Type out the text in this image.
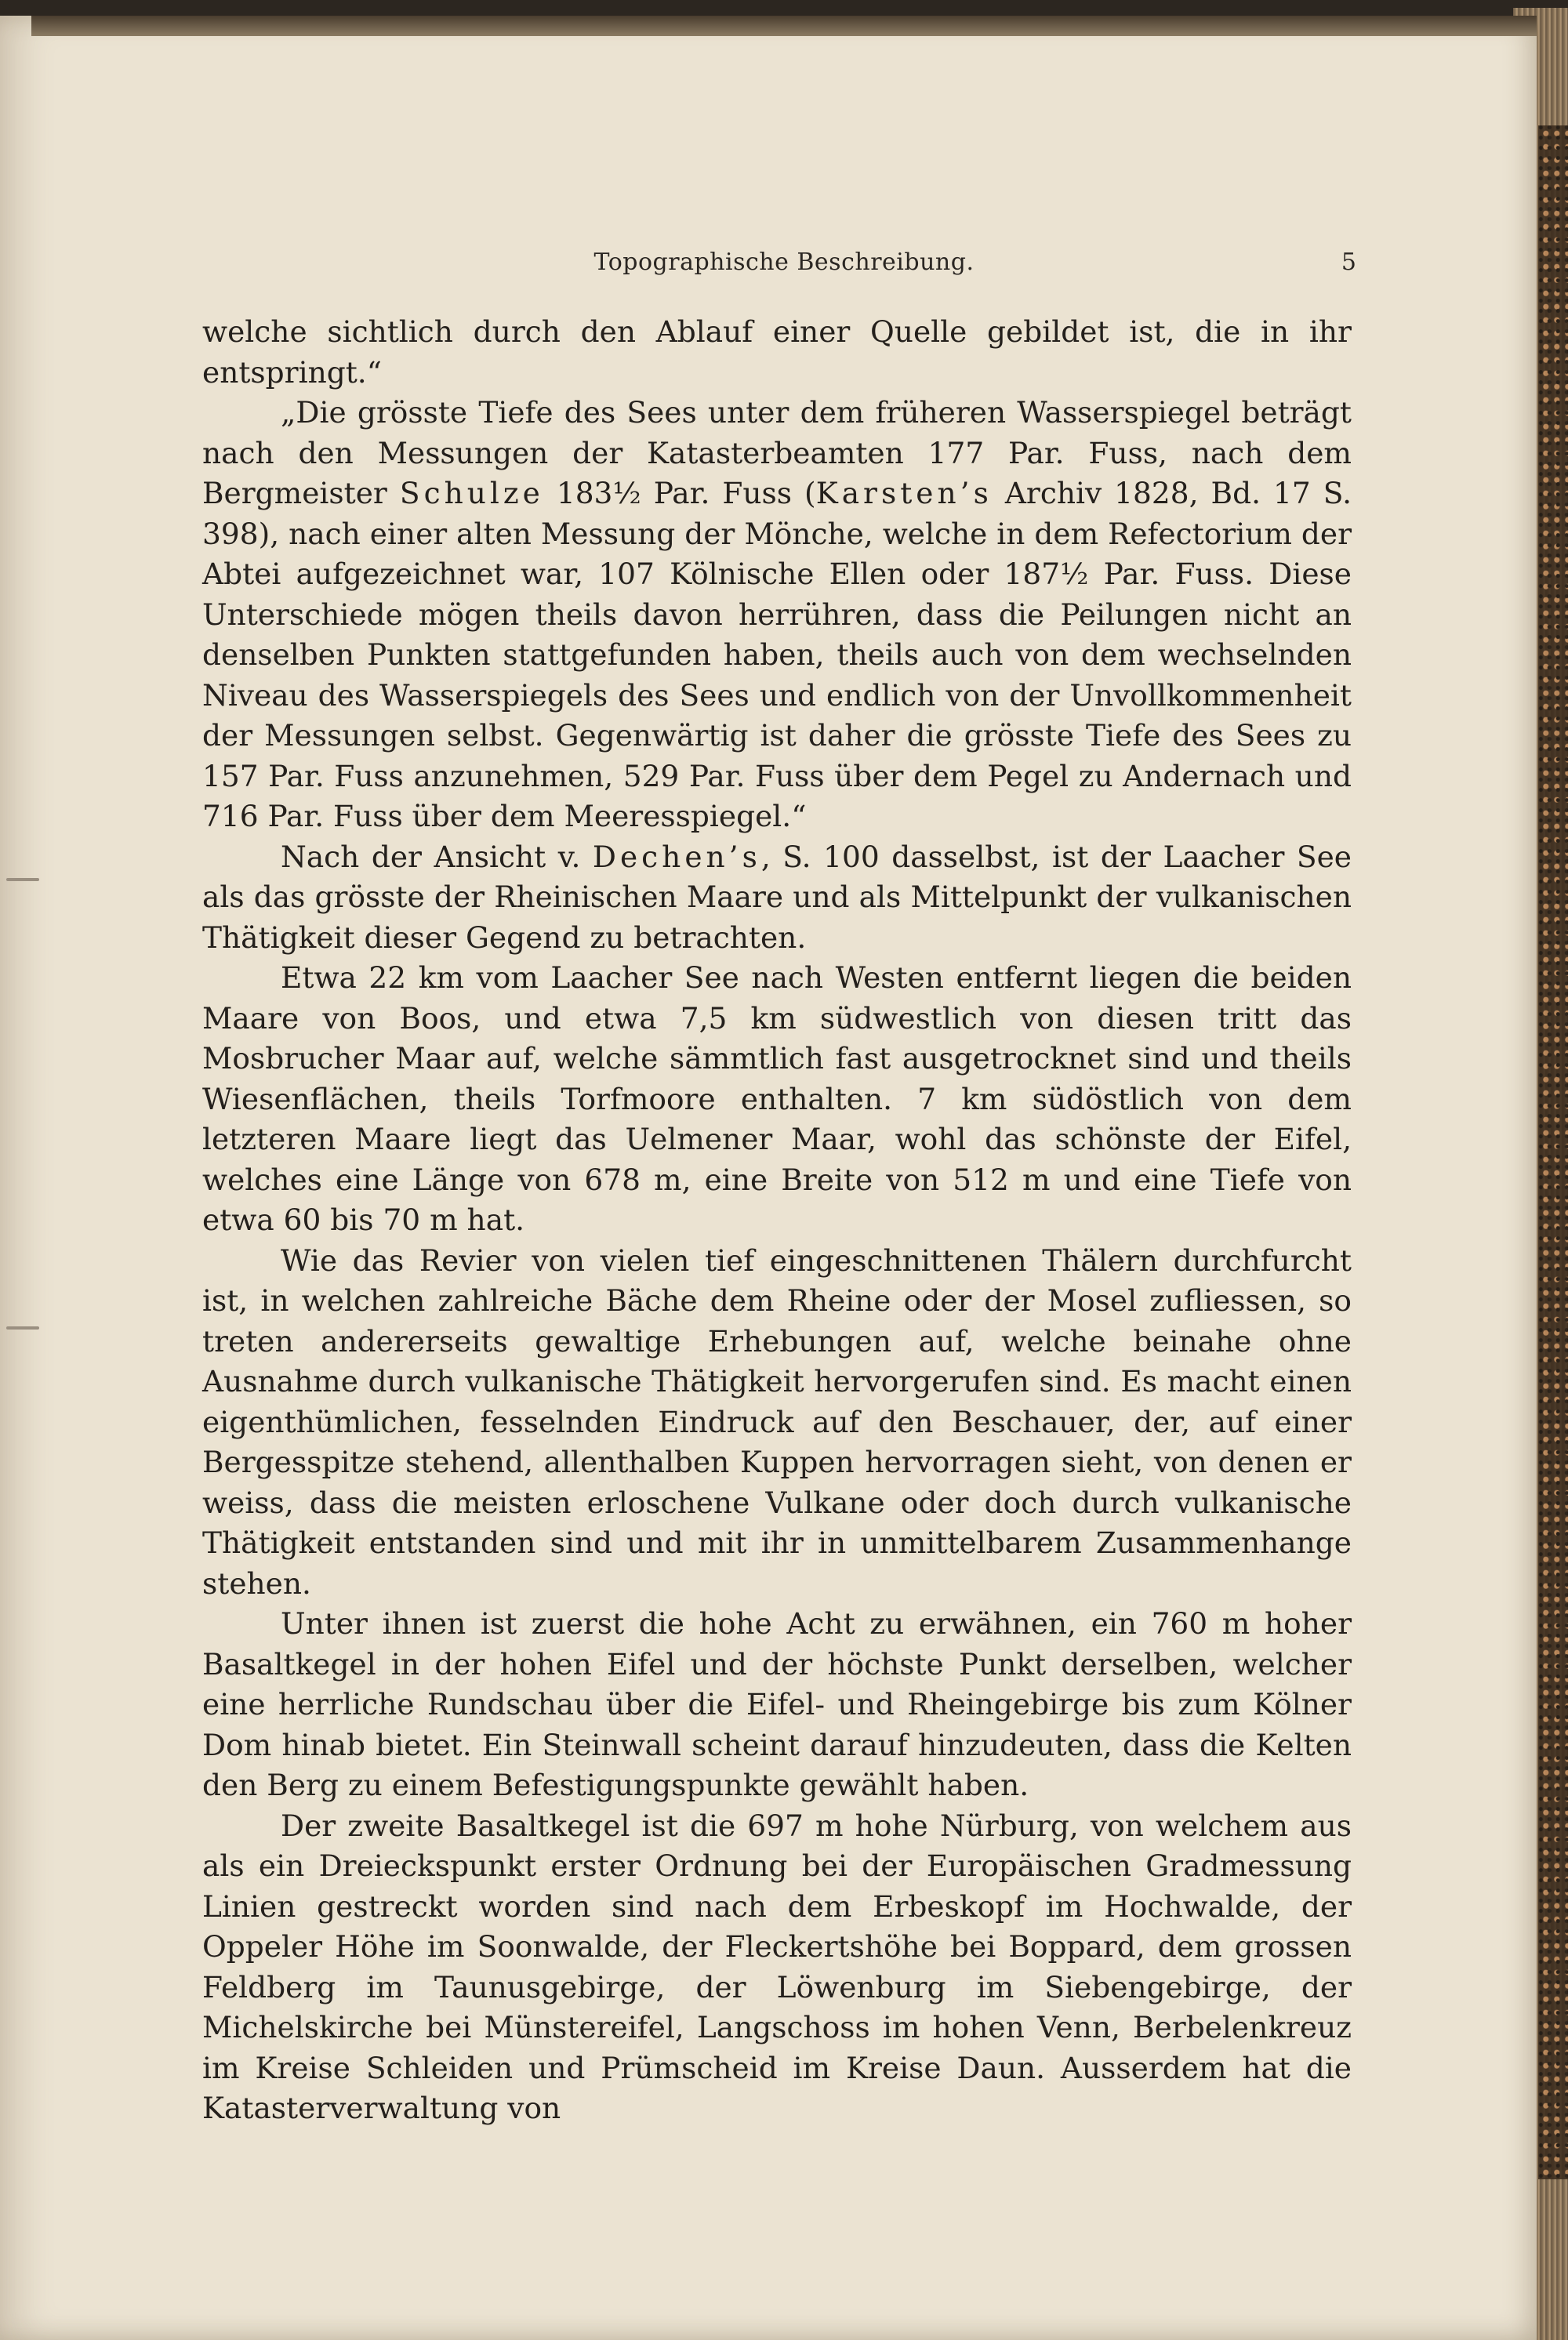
Topographische Beschreibung.	5

welche sichtlich durch den Ablauf einer Quelle gebildet ist, die in ihr entspringt.“

„Die grösste Tiefe des Sees unter dem früheren Wasserspiegel beträgt nach den Messungen der Katasterbeamten 177 Par. Fuss, nach dem Bergmeister Schulze 183½ Par. Fuss (Karsten’s Archiv 1828, Bd. 17 S. 398), nach einer alten Messung der Mönche, welche in dem Refectorium der Abtei aufgezeichnet war, 107 Kölnische Ellen oder 187½ Par. Fuss. Diese Unterschiede mögen theils davon herrühren, dass die Peilungen nicht an denselben Punkten stattgefunden haben, theils auch von dem wechselnden Niveau des Wasserspiegels des Sees und endlich von der Unvollkommenheit der Messungen selbst. Gegenwärtig ist daher die grösste Tiefe des Sees zu 157 Par. Fuss anzunehmen, 529 Par. Fuss über dem Pegel zu Andernach und 716 Par. Fuss über dem Meeresspiegel.“

Nach der Ansicht v. Dechen’s, S. 100 dasselbst, ist der Laacher See als das grösste der Rheinischen Maare und als Mittelpunkt der vulkanischen Thätigkeit dieser Gegend zu betrachten.

Etwa 22 km vom Laacher See nach Westen entfernt liegen die beiden Maare von Boos, und etwa 7,5 km südwestlich von diesen tritt das Mosbrucher Maar auf, welche sämmtlich fast ausgetrocknet sind und theils Wiesenflächen, theils Torfmoore enthalten. 7 km südöstlich von dem letzteren Maare liegt das Uelmener Maar, wohl das schönste der Eifel, welches eine Länge von 678 m, eine Breite von 512 m und eine Tiefe von etwa 60 bis 70 m hat.

Wie das Revier von vielen tief eingeschnittenen Thälern durchfurcht ist, in welchen zahlreiche Bäche dem Rheine oder der Mosel zufliessen, so treten andererseits gewaltige Erhebungen auf, welche beinahe ohne Ausnahme durch vulkanische Thätigkeit hervorgerufen sind. Es macht einen eigenthümlichen, fesselnden Eindruck auf den Beschauer, der, auf einer Bergesspitze stehend, allenthalben Kuppen hervorragen sieht, von denen er weiss, dass die meisten erloschene Vulkane oder doch durch vulkanische Thätigkeit entstanden sind und mit ihr in unmittelbarem Zusammenhange stehen.

Unter ihnen ist zuerst die hohe Acht zu erwähnen, ein 760 m hoher Basaltkegel in der hohen Eifel und der höchste Punkt derselben, welcher eine herrliche Rundschau über die Eifel- und Rheingebirge bis zum Kölner Dom hinab bietet. Ein Steinwall scheint darauf hinzudeuten, dass die Kelten den Berg zu einem Befestigungspunkte gewählt haben.

Der zweite Basaltkegel ist die 697 m hohe Nürburg, von welchem aus als ein Dreieckspunkt erster Ordnung bei der Europäischen Gradmessung Linien gestreckt worden sind nach dem Erbeskopf im Hochwalde, der Oppeler Höhe im Soonwalde, der Fleckertshöhe bei Boppard, dem grossen Feldberg im Taunusgebirge, der Löwenburg im Siebengebirge, der Michelskirche bei Münstereifel, Langschoss im hohen Venn, Berbelenkreuz im Kreise Schleiden und Prümscheid im Kreise Daun. Ausserdem hat die Katasterverwaltung von
